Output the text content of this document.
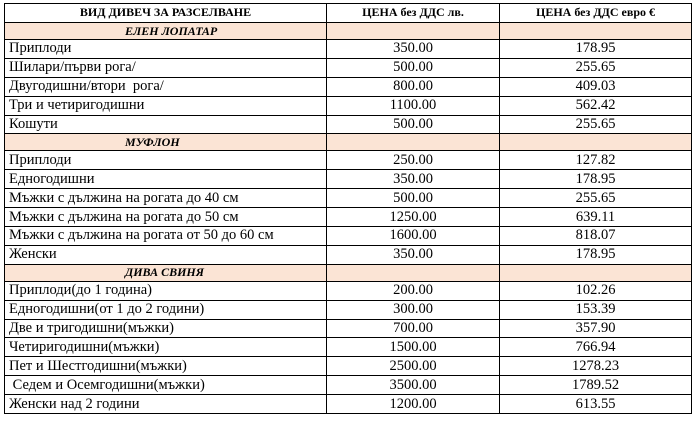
ВИД ДИВЕЧ ЗА РАЗСЕЛВАНЕ	ЦЕНА без ДДС лв.	ЦЕНА без ДДС евро €
ЕЛЕН ЛОПАТАР		
Приплоди	350.00	178.95
Шилари/първи рога/	500.00	255.65
Двугодишни/втори  рога/	800.00	409.03
Три и четиригодишни	1100.00	562.42
Кошути	500.00	255.65
МУФЛОН		
Приплоди	250.00	127.82
Едногодишни	350.00	178.95
Мъжки с дължина на рогата до 40 см	500.00	255.65
Мъжки с дължина на рогата до 50 см	1250.00	639.11
Мъжки с дължина на рогата от 50 до 60 см	1600.00	818.07
Женски	350.00	178.95
ДИВА СВИНЯ		
Приплоди(до 1 година)	200.00	102.26
Едногодишни(от 1 до 2 години)	300.00	153.39
Две и тригодишни(мъжки)	700.00	357.90
Четиригодишни(мъжки)	1500.00	766.94
Пет и Шестгодишни(мъжки)	2500.00	1278.23
Седем и Осемгодишни(мъжки)	3500.00	1789.52
Женски над 2 години	1200.00	613.55
